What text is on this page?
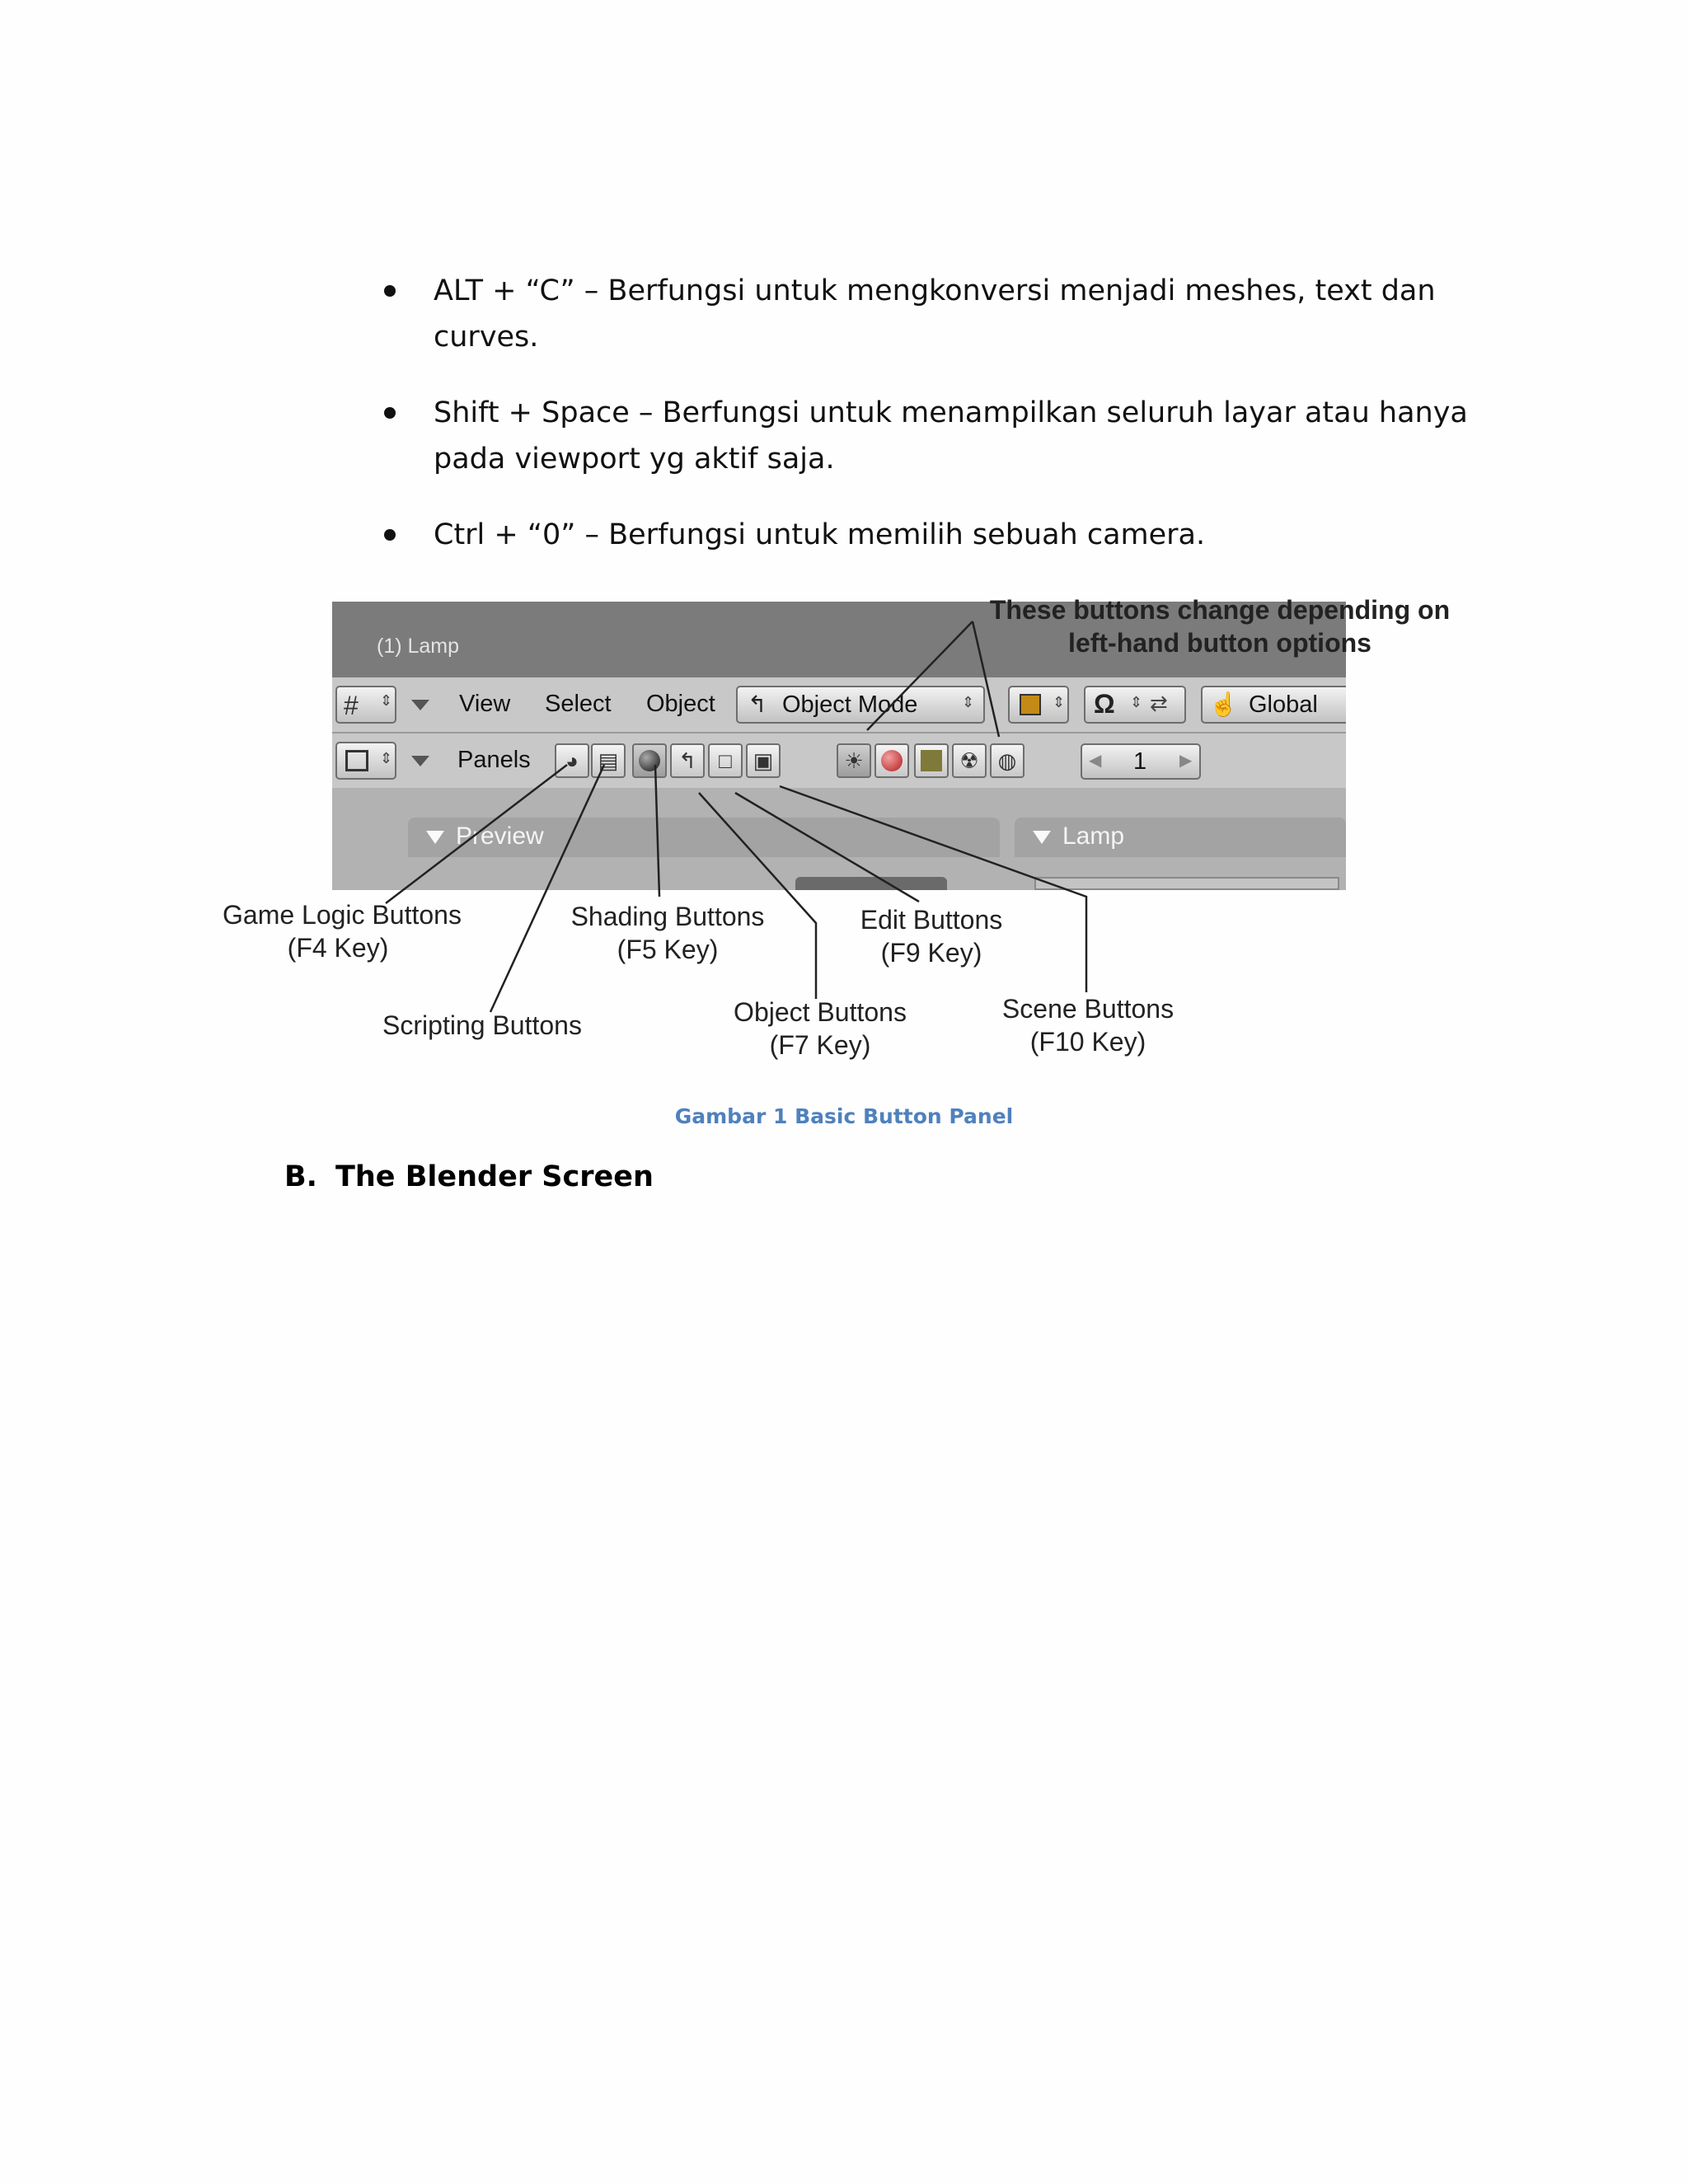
ALT + “C” – Berfungsi untuk mengkonversi menjadi meshes, text dan curves.
Shift + Space – Berfungsi untuk menampilkan seluruh layar atau hanya pada viewport yg aktif saja.
Ctrl + “0” – Berfungsi untuk memilih sebuah camera.
(1) Lamp
# ⇕	View Select Object ↰ Object Mode	⇕	⇕ Ω ⇕ ⇄ ☝ Global
⇕	Panels	◕ ▤	↰	□ ▣	☀	☢ ◍	◀ 1 ▶
Preview	Lamp
These buttons change depending on
left-hand button options
Game Logic Buttons
(F4 Key)
Scripting Buttons
Shading Buttons
(F5 Key)
Object Buttons
(F7 Key)
Edit Buttons
(F9 Key)
Scene Buttons
(F10 Key)
Gambar 1 Basic Button Panel
B. The Blender Screen
